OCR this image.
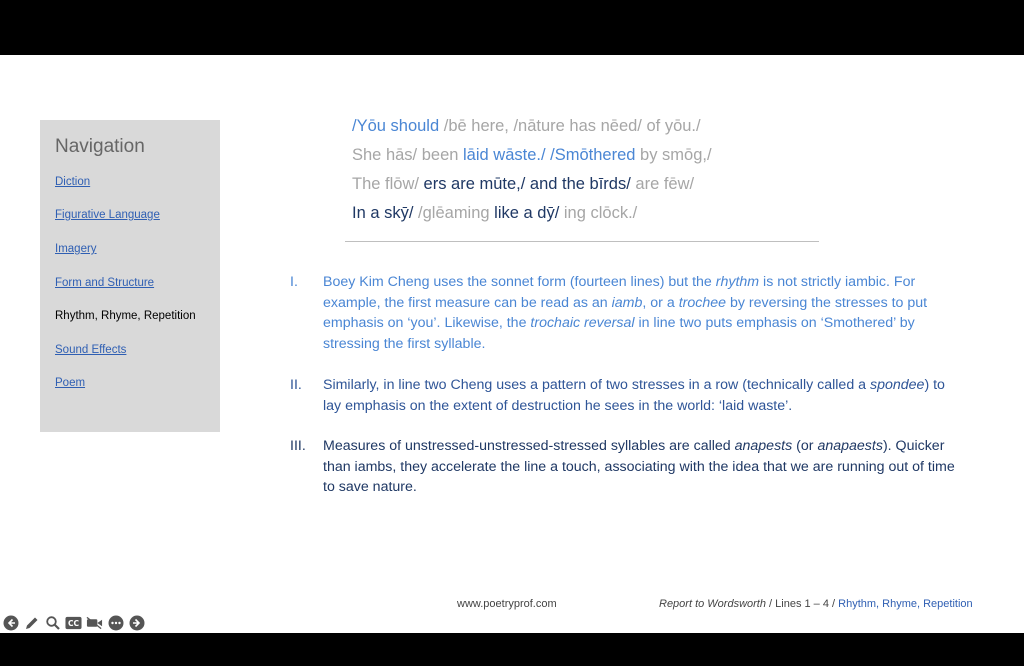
Navigation
Diction
Figurative Language
Imagery
Form and Structure
Rhythm, Rhyme, Repetition
Sound Effects
Poem
/Yōu should /bē here, /nāture has nēed/ of yōu./
She hās/ been lāid wāste./ /Smōthered by smōg,/
The flōw/ ers are mūte,/ and the bīrds/ are fēw/
In a skȳ/ /glēaming like a dȳ/ ing clōck./
I. Boey Kim Cheng uses the sonnet form (fourteen lines) but the rhythm is not strictly iambic. For example, the first measure can be read as an iamb, or a trochee by reversing the stresses to put emphasis on ‘you’. Likewise, the trochaic reversal in line two puts emphasis on ‘Smothered’ by stressing the first syllable.

II. Similarly, in line two Cheng uses a pattern of two stresses in a row (technically called a spondee) to lay emphasis on the extent of destruction he sees in the world: ‘laid waste’.

III. Measures of unstressed-unstressed-stressed syllables are called anapests (or anapaests). Quicker than iambs, they accelerate the line a touch, associating with the idea that we are running out of time to save nature.

www.poetryprof.com	Report to Wordsworth / Lines 1 – 4 / Rhythm, Rhyme, Repetition
CC
